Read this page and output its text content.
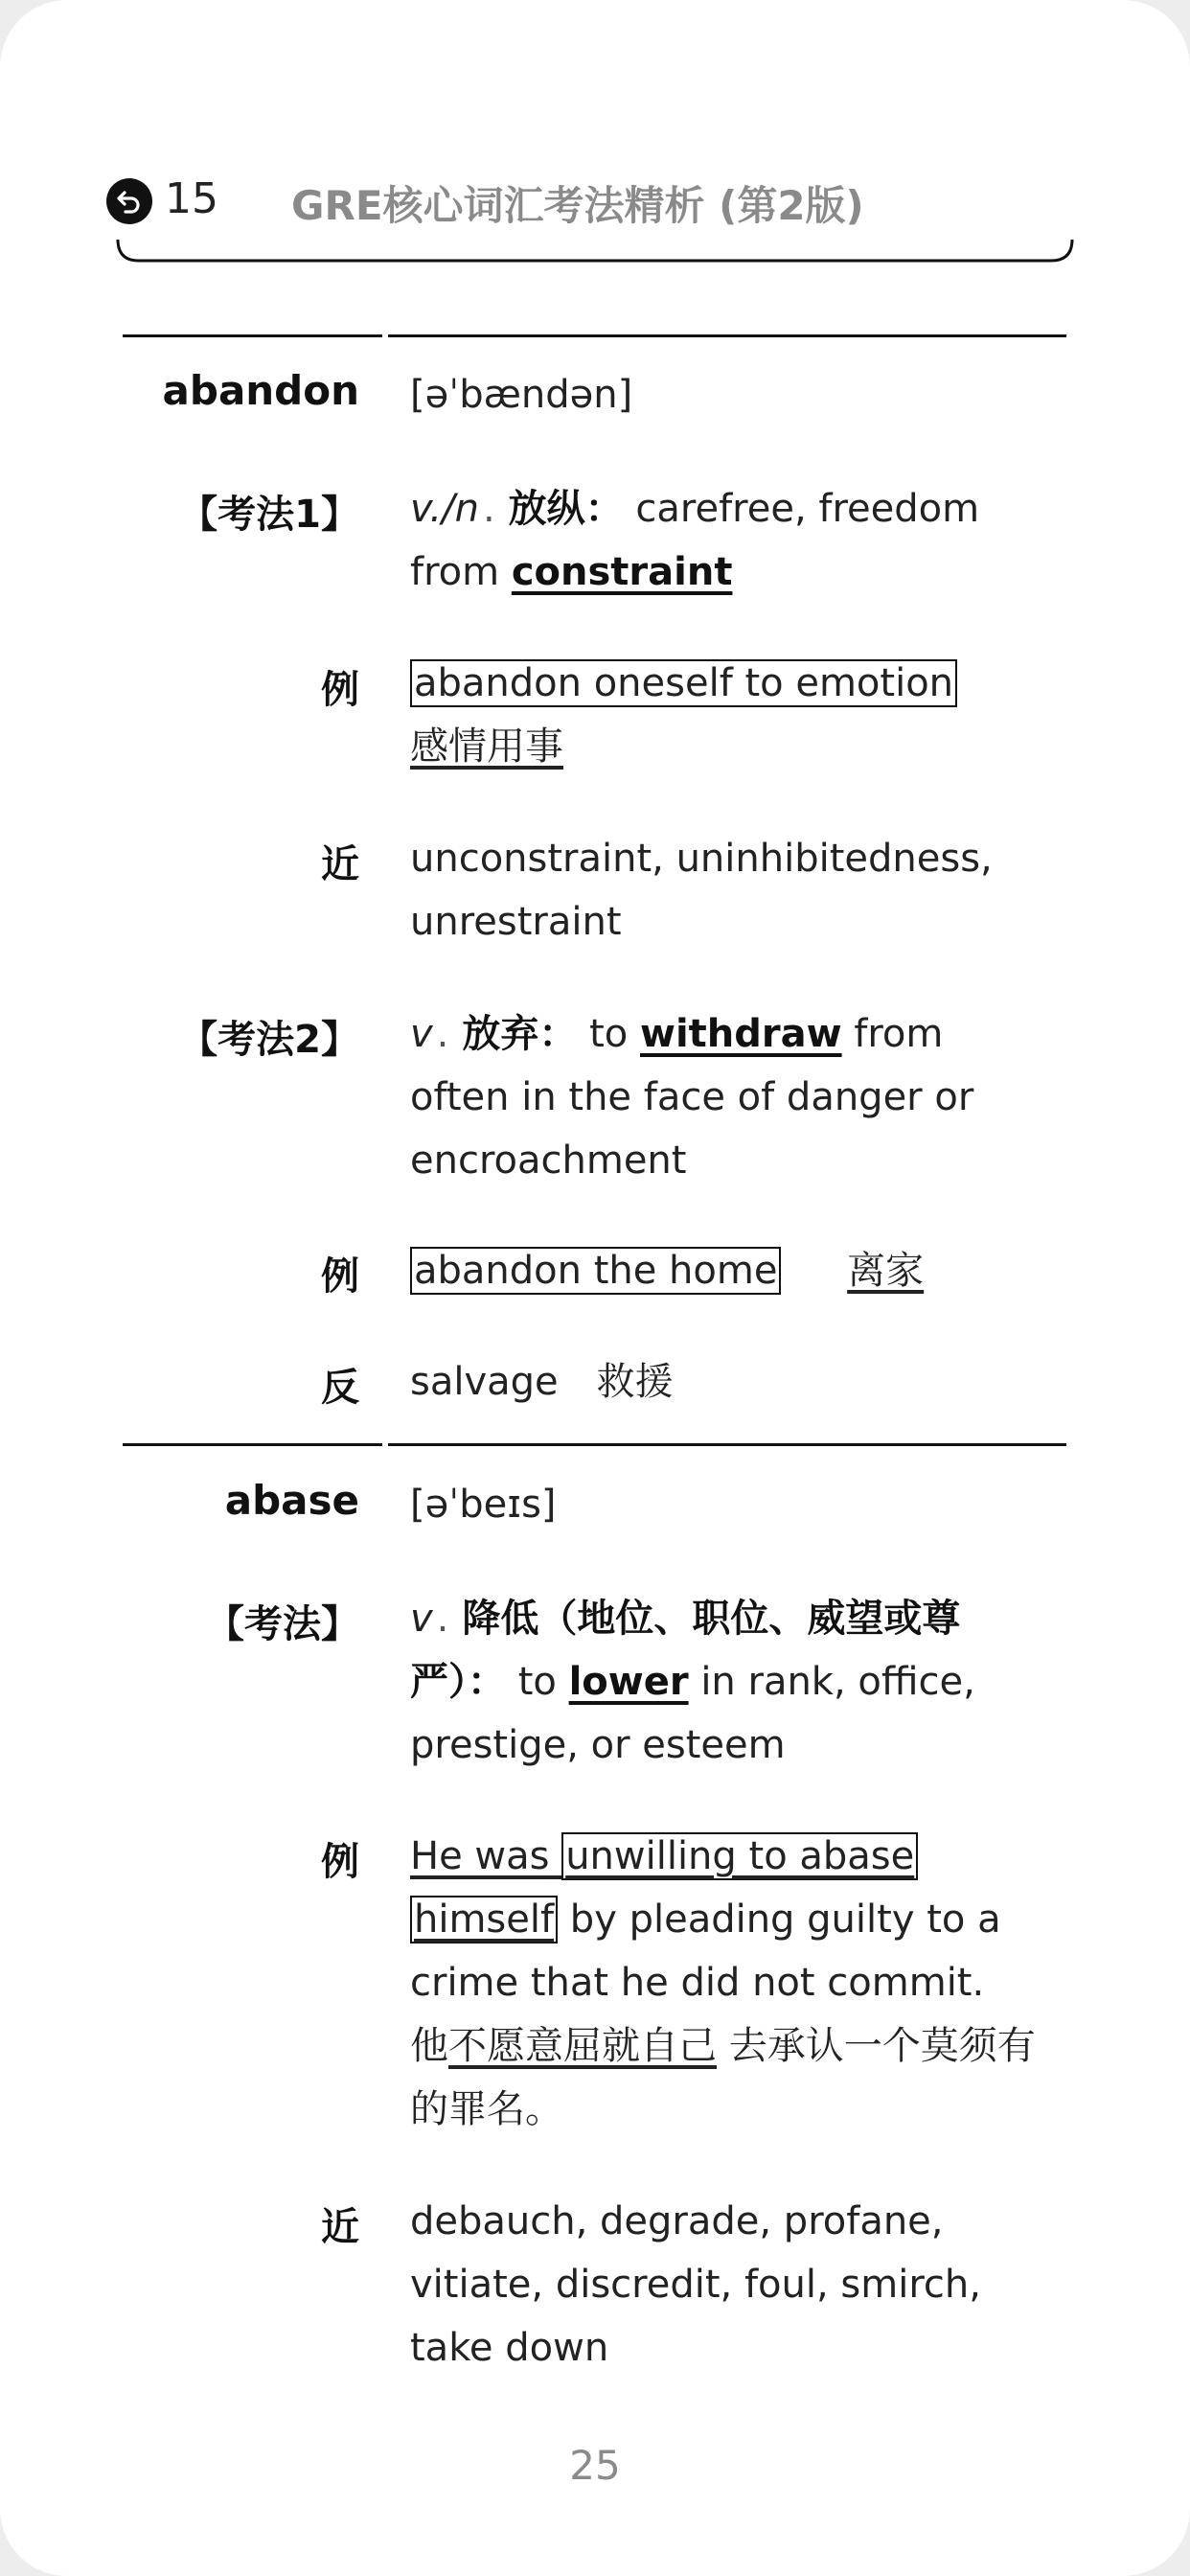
15 GRE核心词汇考法精析 (第2版)
abandon [əˈbændən]
【考法1】 v./n . 放纵： carefree, freedom from constraint
例 abandon oneself to emotion
感情用事
近 unconstraint, uninhibitedness, unrestraint
【考法2】 v . 放弃： to withdraw from often in the face of danger or encroachment
例 abandon the home 离家
反 salvage 救援
abase [əˈbeɪs]
【考法】 v . 降低（地位、职位、威望或尊严）： to lower in rank, office, prestige, or esteem
例 He was unwilling to abase
himself by pleading guilty to a crime that he did not commit.
他不愿意屈就自己 去承认一个莫须有的罪名。
近 debauch, degrade, profane, vitiate, discredit, foul, smirch, take down
25
